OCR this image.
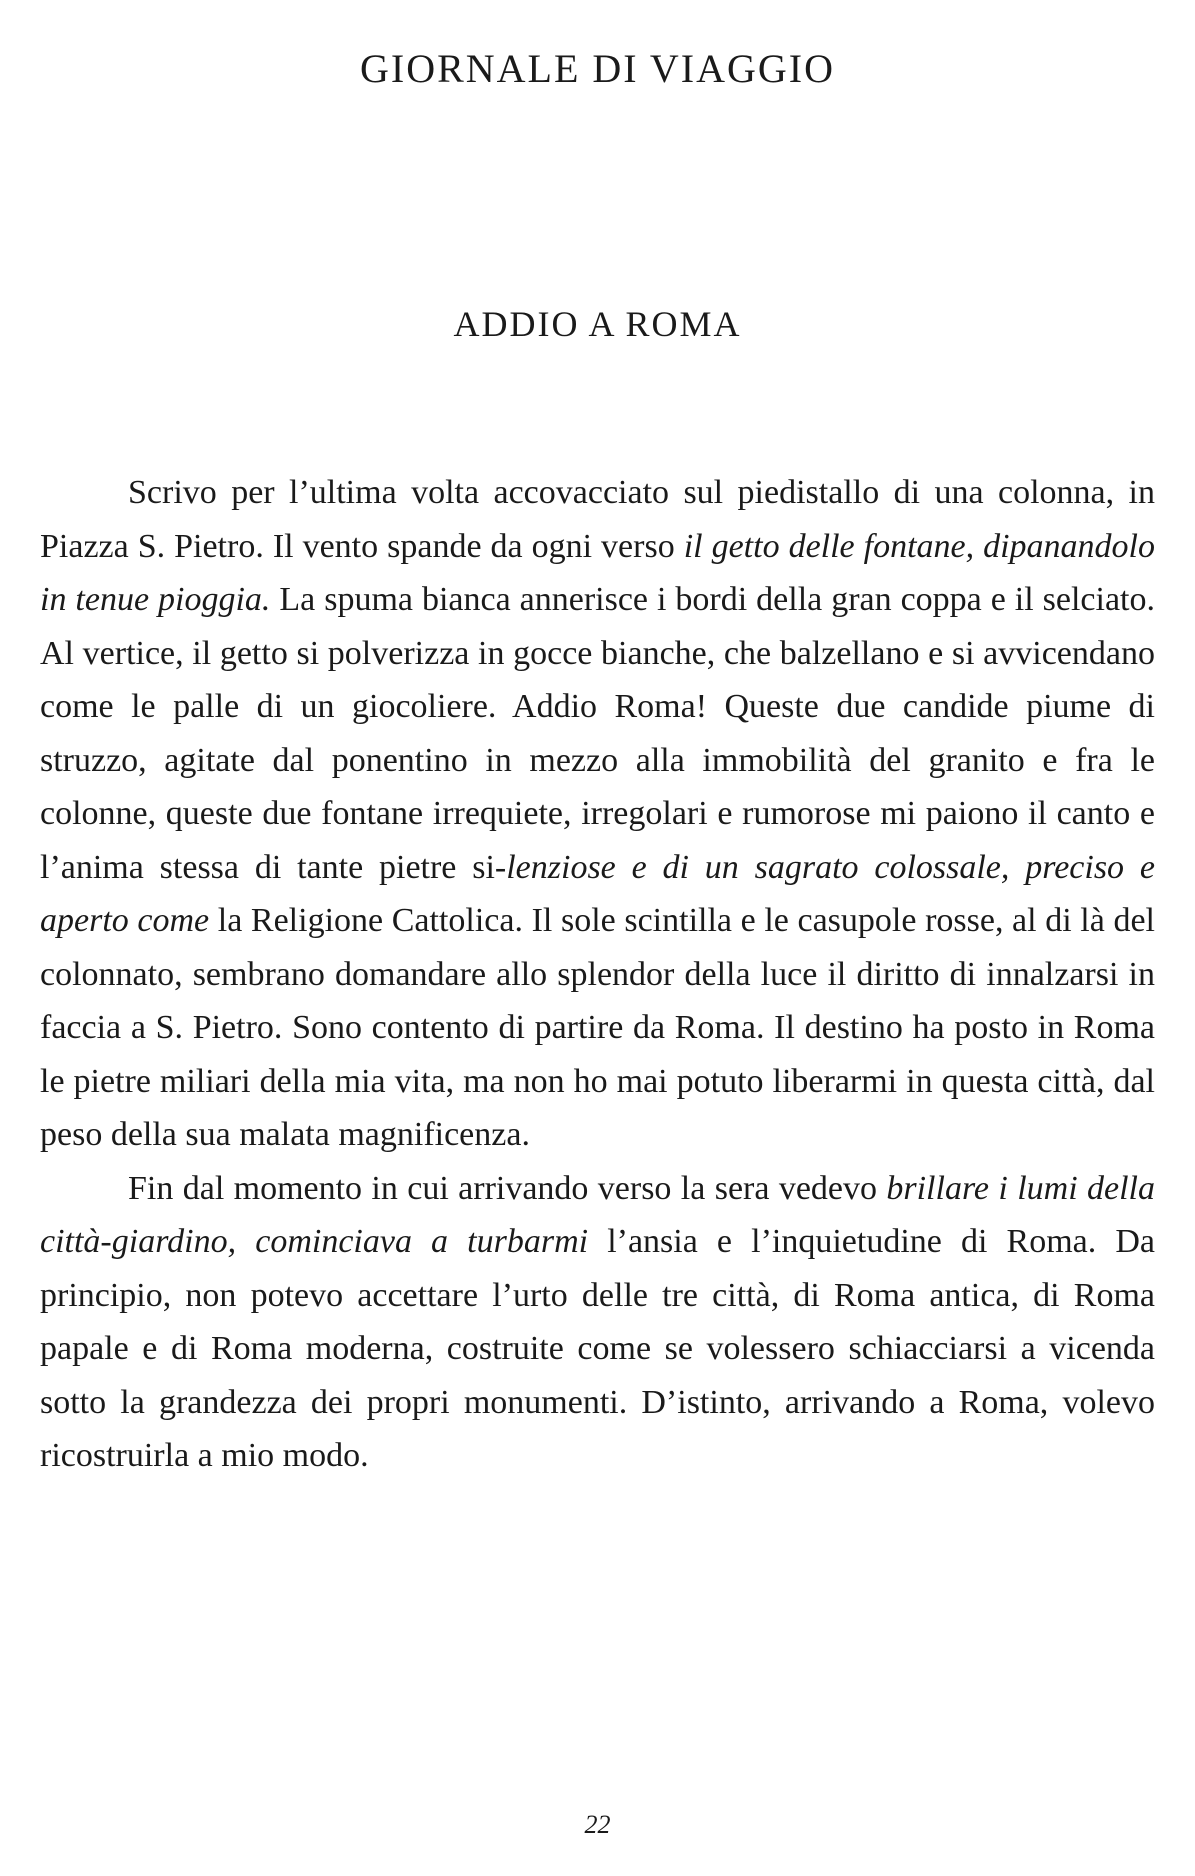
GIORNALE DI VIAGGIO
ADDIO A ROMA

Scrivo per l’ultima volta accovacciato sul piedistallo di una colonna, in Piazza S. Pietro. Il vento spande da ogni verso il getto delle fontane, dipanandolo in tenue pioggia. La spuma bianca annerisce i bordi della gran coppa e il selciato. Al vertice, il getto si polverizza in gocce bianche, che balzellano e si avvicendano come le palle di un giocoliere. Addio Roma! Queste due candide piume di struzzo, agitate dal ponentino in mezzo alla immobilità del granito e fra le colonne, queste due fontane irrequiete, irregolari e rumorose mi paiono il canto e l’anima stessa di tante pietre si-lenziose e di un sagrato colossale, preciso e aperto come la Religione Cattolica. Il sole scintilla e le casupole rosse, al di là del colonnato, sembrano domandare allo splendor della luce il diritto di innalzarsi in faccia a S. Pietro. Sono contento di partire da Roma. Il destino ha posto in Roma le pietre miliari della mia vita, ma non ho mai potuto liberarmi in questa città, dal peso della sua malata magnificenza.

Fin dal momento in cui arrivando verso la sera vedevo brillare i lumi della città-giardino, cominciava a turbarmi l’ansia e l’inquietudine di Roma. Da principio, non potevo accettare l’urto delle tre città, di Roma antica, di Roma papale e di Roma moderna, costruite come se volessero schiacciarsi a vicenda sotto la grandezza dei propri monumenti. D’istinto, arrivando a Roma, volevo ricostruirla a mio modo.

22
